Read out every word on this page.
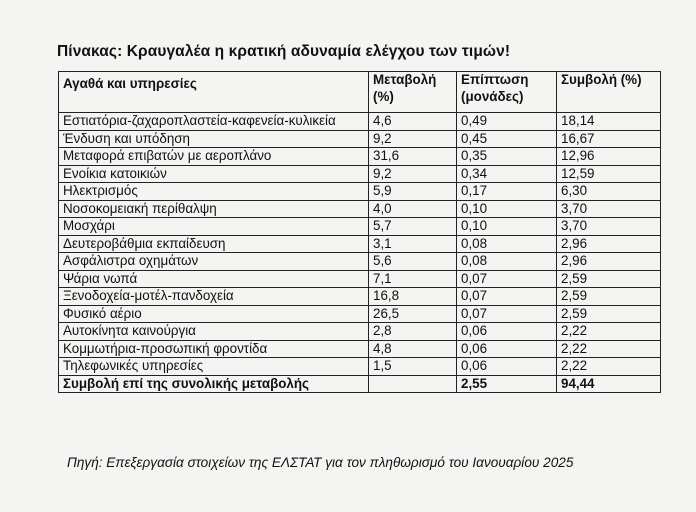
Πίνακας: Κραυγαλέα η κρατική αδυναμία ελέγχου των τιμών!
Αγαθά και υπηρεσίες	Μεταβολή (%)	Επίπτωση (μονάδες)	Συμβολή (%)
Εστιατόρια-ζαχαροπλαστεία-καφενεία-κυλικεία	4,6	0,49	18,14
Ένδυση και υπόδηση	9,2	0,45	16,67
Μεταφορά επιβατών με αεροπλάνο	31,6	0,35	12,96
Ενοίκια κατοικιών	9,2	0,34	12,59
Ηλεκτρισμός	5,9	0,17	6,30
Νοσοκομειακή περίθαλψη	4,0	0,10	3,70
Μοσχάρι	5,7	0,10	3,70
Δευτεροβάθμια εκπαίδευση	3,1	0,08	2,96
Ασφάλιστρα οχημάτων	5,6	0,08	2,96
Ψάρια νωπά	7,1	0,07	2,59
Ξενοδοχεία-μοτέλ-πανδοχεία	16,8	0,07	2,59
Φυσικό αέριο	26,5	0,07	2,59
Αυτοκίνητα καινούργια	2,8	0,06	2,22
Κομμωτήρια-προσωπική φροντίδα	4,8	0,06	2,22
Τηλεφωνικές υπηρεσίες	1,5	0,06	2,22
Συμβολή επί της συνολικής μεταβολής		2,55	94,44
Πηγή: Επεξεργασία στοιχείων της ΕΛΣΤΑΤ για τον πληθωρισμό του Ιανουαρίου 2025
